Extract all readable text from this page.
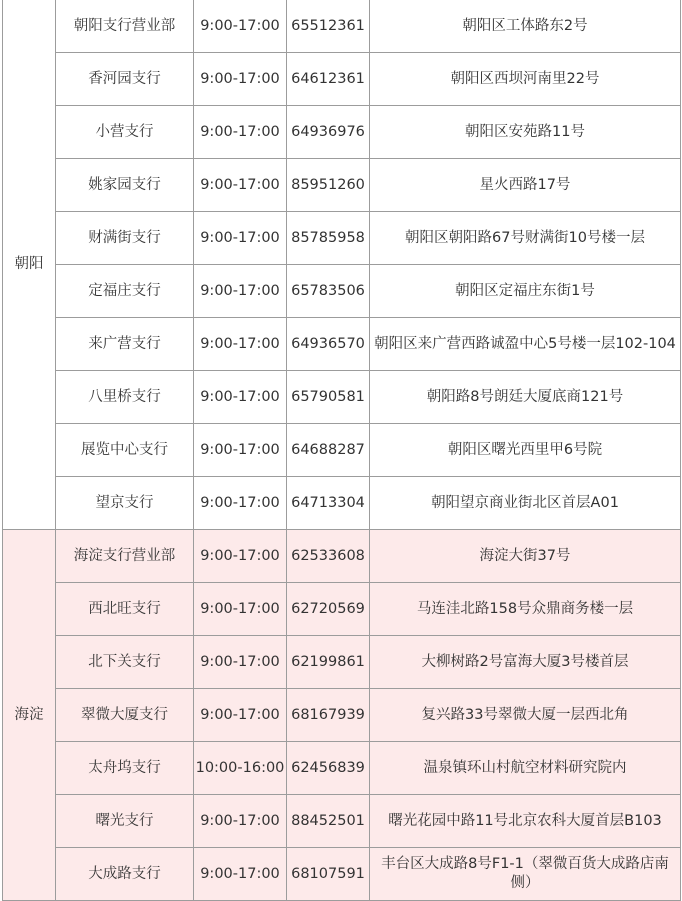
朝阳	朝阳支行营业部	9:00-17:00	65512361	朝阳区工体路东2号
	香河园支行	9:00-17:00	64612361	朝阳区西坝河南里22号
	小营支行	9:00-17:00	64936976	朝阳区安苑路11号
	姚家园支行	9:00-17:00	85951260	星火西路17号
	财满街支行	9:00-17:00	85785958	朝阳区朝阳路67号财满街10号楼一层
	定福庄支行	9:00-17:00	65783506	朝阳区定福庄东街1号
	来广营支行	9:00-17:00	64936570	朝阳区来广营西路诚盈中心5号楼一层102-104
	八里桥支行	9:00-17:00	65790581	朝阳路8号朗廷大厦底商121号
	展览中心支行	9:00-17:00	64688287	朝阳区曙光西里甲6号院
	望京支行	9:00-17:00	64713304	朝阳望京商业街北区首层A01
海淀	海淀支行营业部	9:00-17:00	62533608	海淀大街37号
	西北旺支行	9:00-17:00	62720569	马连洼北路158号众鼎商务楼一层
	北下关支行	9:00-17:00	62199861	大柳树路2号富海大厦3号楼首层
	翠微大厦支行	9:00-17:00	68167939	复兴路33号翠微大厦一层西北角
	太舟坞支行	10:00-16:00	62456839	温泉镇环山村航空材料研究院内
	曙光支行	9:00-17:00	88452501	曙光花园中路11号北京农科大厦首层B103
	大成路支行	9:00-17:00	68107591	丰台区大成路8号F1-1（翠微百货大成路店南侧）
